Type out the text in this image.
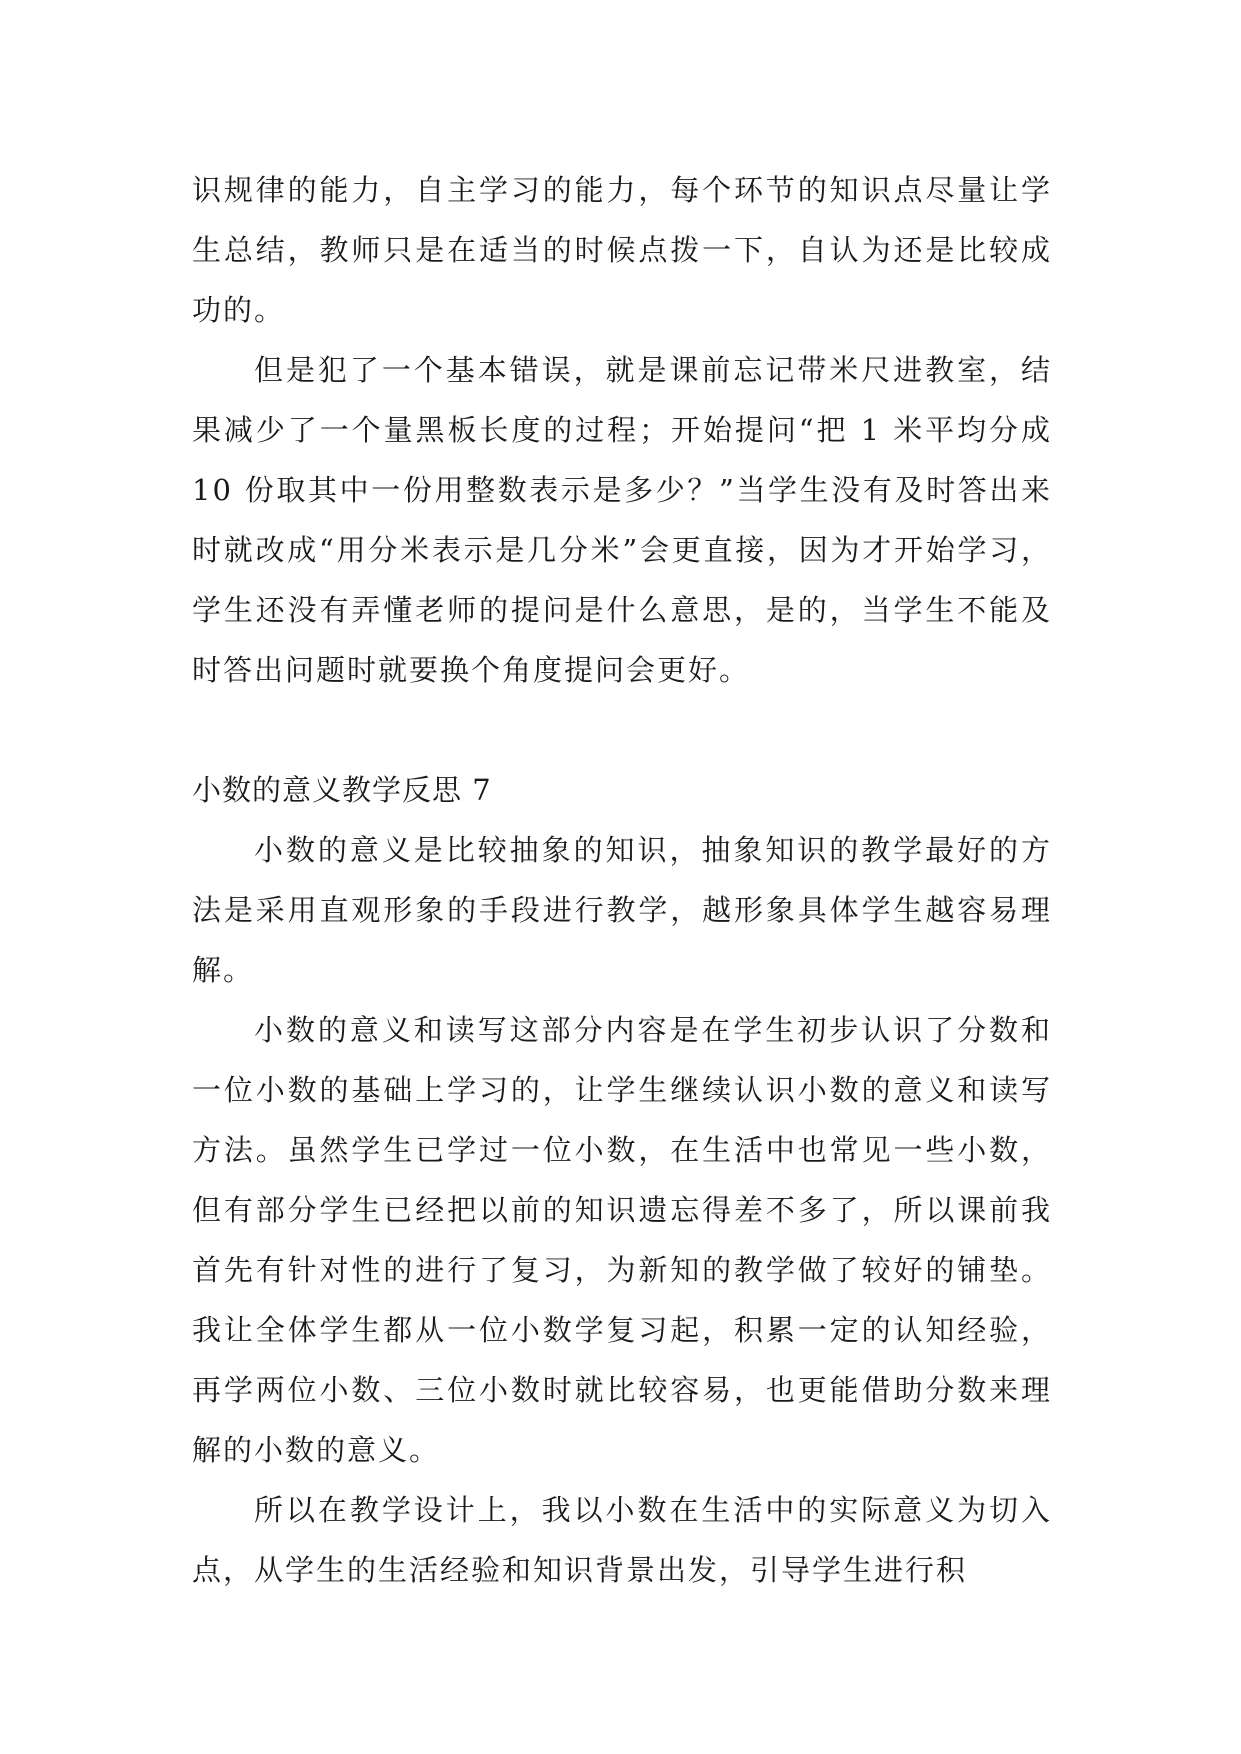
识规律的能力，自主学习的能力，每个环节的知识点尽量让学生总结，教师只是在适当的时候点拨一下，自认为还是比较成功的。

但是犯了一个基本错误，就是课前忘记带米尺进教室，结果减少了一个量黑板长度的过程；开始提问“把 1 米平均分成 10 份取其中一份用整数表示是多少？”当学生没有及时答出来时就改成“用分米表示是几分米”会更直接，因为才开始学习，学生还没有弄懂老师的提问是什么意思，是的，当学生不能及时答出问题时就要换个角度提问会更好。

小数的意义教学反思 7

小数的意义是比较抽象的知识，抽象知识的教学最好的方法是采用直观形象的手段进行教学，越形象具体学生越容易理解。

小数的意义和读写这部分内容是在学生初步认识了分数和一位小数的基础上学习的，让学生继续认识小数的意义和读写方法。虽然学生已学过一位小数，在生活中也常见一些小数，但有部分学生已经把以前的知识遗忘得差不多了，所以课前我首先有针对性的进行了复习，为新知的教学做了较好的铺垫。我让全体学生都从一位小数学复习起，积累一定的认知经验，再学两位小数、三位小数时就比较容易，也更能借助分数来理解的小数的意义。

所以在教学设计上，我以小数在生活中的实际意义为切入点，从学生的生活经验和知识背景出发，引导学生进行积
